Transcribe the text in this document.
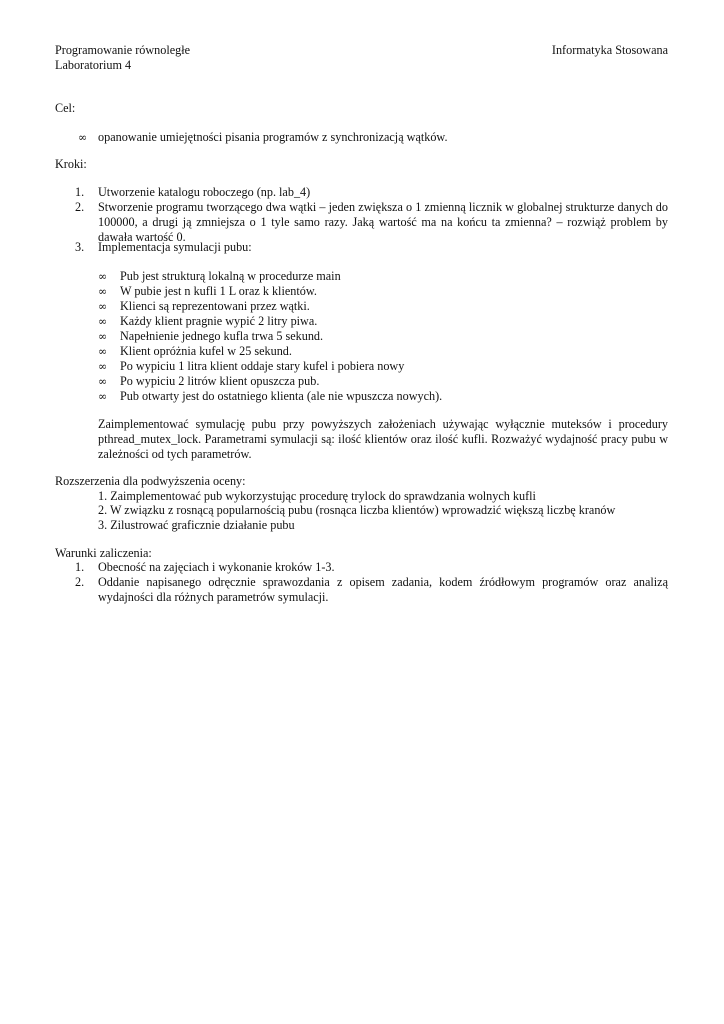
Programowanie równoległe
Laboratorium 4
Informatyka Stosowana
Cel:
∞ opanowanie umiejętności pisania programów z synchronizacją wątków.
Kroki:
1.	Utworzenie katalogu roboczego (np. lab_4)
2.	Stworzenie programu tworzącego dwa wątki – jeden zwiększa o 1 zmienną licznik w globalnej strukturze danych do 100000, a drugi ją zmniejsza o 1 tyle samo razy. Jaką wartość ma na końcu ta zmienna? – rozwiąż problem by dawała wartość 0.
3.	Implementacja symulacji pubu:
∞	Pub jest strukturą lokalną w procedurze main
∞	W pubie jest n kufli 1 L oraz k klientów.
∞	Klienci są reprezentowani przez wątki.
∞	Każdy klient pragnie wypić 2 litry piwa.
∞	Napełnienie jednego kufla trwa 5 sekund.
∞	Klient opróżnia kufel w 25 sekund.
∞	Po wypiciu 1 litra klient oddaje stary kufel i pobiera nowy
∞	Po wypiciu 2 litrów klient opuszcza pub.
∞	Pub otwarty jest do ostatniego klienta (ale nie wpuszcza nowych).
Zaimplementować symulację pubu przy powyższych założeniach używając wyłącznie muteksów i procedury pthread_mutex_lock. Parametrami symulacji są: ilość klientów oraz ilość kufli. Rozważyć wydajność pracy pubu w zależności od tych parametrów.
Rozszerzenia dla podwyższenia oceny:
1. Zaimplementować pub wykorzystując procedurę trylock do sprawdzania wolnych kufli
2. W związku z rosnącą popularnością pubu (rosnąca liczba klientów) wprowadzić większą liczbę kranów
3. Zilustrować graficznie działanie pubu
Warunki zaliczenia:
1.	Obecność na zajęciach i wykonanie kroków 1-3.
2.	Oddanie napisanego odręcznie sprawozdania z opisem zadania, kodem źródłowym programów oraz analizą wydajności dla różnych parametrów symulacji.
